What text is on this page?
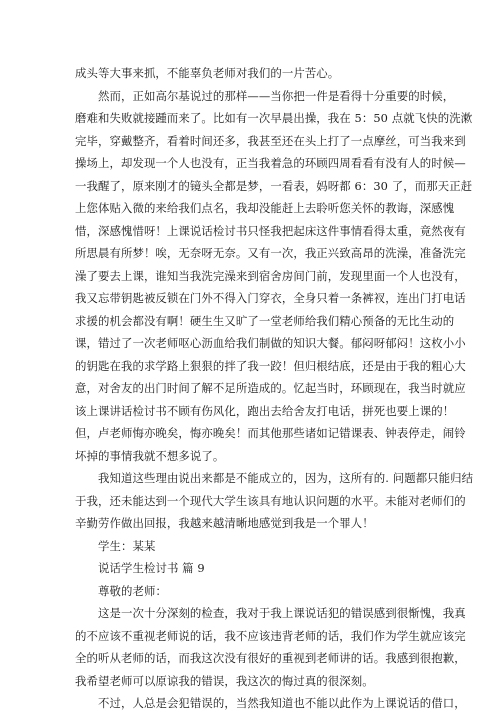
成头等大事来抓，不能辜负老师对我们的一片苦心。
然而，正如高尔基说过的那样——当你把一件是看得十分重要的时候，
磨难和失败就接踵而来了。比如有一次早晨出操，我在 5：50 点就飞快的洗漱
完毕，穿戴整齐，看着时间还多，我甚至还在头上打了一点摩丝，可当我来到
操场上，却发现一个人也没有，正当我着急的环顾四周看看有没有人的时候—
一我醒了，原来刚才的镜头全都是梦，一看表，妈呀都 6：30 了，而那天正赶
上您体贴入微的来给我们点名，我却没能赶上去聆听您关怀的教诲，深感愧
惜，深感愧惜呀！上课说话检讨书只怪我把起床这件事情看得太重，竟然夜有
所思晨有所梦！唉，无奈呀无奈。又有一次，我正兴致高昂的洗澡，准备洗完
澡了要去上课，谁知当我洗完澡来到宿舍房间门前，发现里面一个人也没有，
我又忘带钥匙被反锁在门外不得入门穿衣，全身只着一条裤衩，连出门打电话
求援的机会都没有啊！硬生生又旷了一堂老师给我们精心预备的无比生动的
课，错过了一次老师呕心沥血给我们制做的知识大餐。郁闷呀郁闷！这枚小小
的钥匙在我的求学路上狠狠的拌了我一跤！但归根结底，还是由于我的粗心大
意，对舍友的出门时间了解不足所造成的。忆起当时，环顾现在，我当时就应
该上课讲话检讨书不顾有伤风化，跑出去给舍友打电话，拼死也要上课的！
但，卢老师悔亦晚矣，悔亦晚矣！而其他那些诸如记错课表、钟表停走，闹铃
坏掉的事情我就不想多说了。
我知道这些理由说出来都是不能成立的，因为，这所有的. 问题都只能归结
于我，还未能达到一个现代大学生该具有地认识问题的水平。未能对老师们的
辛勤劳作做出回报，我越来越清晰地感觉到我是一个罪人！
学生：某某
说话学生检讨书 篇 9
尊敬的老师：
这是一次十分深刻的检查，我对于我上课说话犯的错误感到很惭愧，我真
的不应该不重视老师说的话，我不应该违背老师的话，我们作为学生就应该完
全的听从老师的话，而我这次没有很好的重视到老师讲的话。我感到很抱歉，
我希望老师可以原谅我的错误，我这次的悔过真的很深刻。
不过，人总是会犯错误的，当然我知道也不能以此作为上课说话的借口，
